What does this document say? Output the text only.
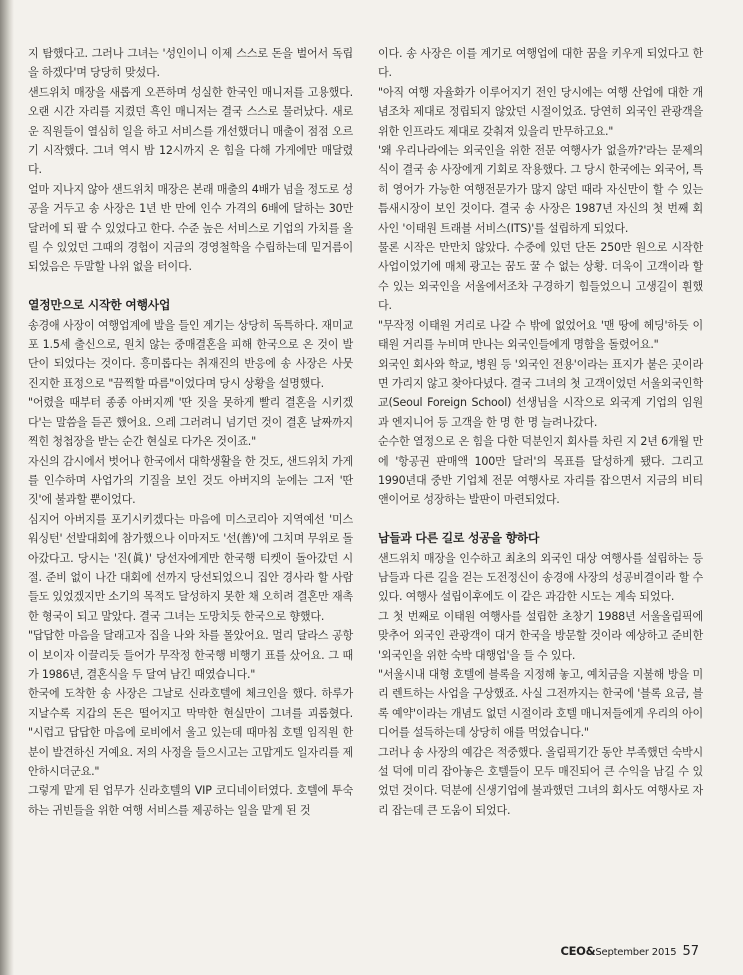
지 탐했다고. 그러나 그녀는 '성인이니 이제 스스로 돈을 벌어서 독립을 하겠다'며 당당히 맞섰다.

샌드위치 매장을 새롭게 오픈하며 성실한 한국인 매니저를 고용했다. 오랜 시간 자리를 지켰던 흑인 매니저는 결국 스스로 물러났다. 새로운 직원들이 열심히 일을 하고 서비스를 개선했더니 매출이 점점 오르기 시작했다. 그녀 역시 밤 12시까지 온 힘을 다해 가게에만 매달렸다.

얼마 지나지 않아 샌드위치 매장은 본래 매출의 4배가 넘을 정도로 성공을 거두고 송 사장은 1년 반 만에 인수 가격의 6배에 달하는 30만 달러에 되 팔 수 있었다고 한다. 수준 높은 서비스로 기업의 가치를 올릴 수 있었던 그때의 경험이 지금의 경영철학을 수립하는데 밑거름이 되었음은 두말할 나위 없을 터이다.

열정만으로 시작한 여행사업

송경애 사장이 여행업계에 발을 들인 계기는 상당히 독특하다. 재미교포 1.5세 출신으로, 원치 않는 중매결혼을 피해 한국으로 온 것이 발단이 되었다는 것이다. 흥미롭다는 취재진의 반응에 송 사장은 사뭇 진지한 표정으로 "끔찍할 따름"이었다며 당시 상황을 설명했다.

"어렸을 때부터 종종 아버지께 '딴 짓을 못하게 빨리 결혼을 시키겠다'는 말씀을 듣곤 했어요. 으레 그러려니 넘기던 것이 결혼 날짜까지 찍힌 청첩장을 받는 순간 현실로 다가온 것이죠."

자신의 감시에서 벗어나 한국에서 대학생활을 한 것도, 샌드위치 가게를 인수하며 사업가의 기질을 보인 것도 아버지의 눈에는 그저 '딴 짓'에 불과할 뿐이었다.

심지어 아버지를 포기시키겠다는 마음에 미스코리아 지역예선 '미스 워싱턴' 선발대회에 참가했으나 이마저도 '선(善)'에 그치며 무위로 돌아갔다고. 당시는 '진(眞)' 당선자에게만 한국행 티켓이 돌아갔던 시절. 준비 없이 나간 대회에 선까지 당선되었으니 집안 경사라 할 사람들도 있었겠지만 소기의 목적도 달성하지 못한 채 오히려 결혼만 재촉한 형국이 되고 말았다. 결국 그녀는 도망치듯 한국으로 향했다.

"답답한 마음을 달래고자 집을 나와 차를 몰았어요. 멀리 달라스 공항이 보이자 이끌리듯 들어가 무작정 한국행 비행기 표를 샀어요. 그 때가 1986년, 결혼식을 두 달여 남긴 때였습니다."

한국에 도착한 송 사장은 그날로 신라호텔에 체크인을 했다. 하루가 지날수록 지갑의 돈은 떨어지고 막막한 현실만이 그녀를 괴롭혔다. "시럽고 답답한 마음에 로비에서 울고 있는데 때마침 호텔 임직원 한 분이 발견하신 거예요. 저의 사정을 들으시고는 고맙게도 일자리를 제안하시더군요."

그렇게 맡게 된 업무가 신라호텔의 VIP 코디네이터였다. 호텔에 투숙하는 귀빈들을 위한 여행 서비스를 제공하는 일을 맡게 된 것

이다. 송 사장은 이를 계기로 여행업에 대한 꿈을 키우게 되었다고 한다.

"아직 여행 자율화가 이루어지기 전인 당시에는 여행 산업에 대한 개념조차 제대로 정립되지 않았던 시절이었죠. 당연히 외국인 관광객을 위한 인프라도 제대로 갖춰져 있을리 만무하고요."

'왜 우리나라에는 외국인을 위한 전문 여행사가 없을까?'라는 문제의식이 결국 송 사장에게 기회로 작용했다. 그 당시 한국에는 외국어, 특히 영어가 가능한 여행전문가가 많지 않던 때라 자신만이 할 수 있는 틈새시장이 보인 것이다. 결국 송 사장은 1987년 자신의 첫 번째 회사인 '이태원 트래블 서비스(ITS)'를 설립하게 되었다.

물론 시작은 만만치 않았다. 수중에 있던 단돈 250만 원으로 시작한 사업이었기에 매체 광고는 꿈도 꿀 수 없는 상황. 더욱이 고객이라 할 수 있는 외국인을 서울에서조차 구경하기 힘들었으니 고생길이 훤했다.

"무작정 이태원 거리로 나갈 수 밖에 없었어요 '맨 땅에 헤딩'하듯 이태원 거리를 누비며 만나는 외국인들에게 명함을 돌렸어요."

외국인 회사와 학교, 병원 등 '외국인 전용'이라는 표지가 붙은 곳이라면 가리지 않고 찾아다녔다. 결국 그녀의 첫 고객이었던 서울외국인학교(Seoul Foreign School) 선생님을 시작으로 외국계 기업의 임원과 엔지니어 등 고객을 한 명 한 명 늘려나갔다.

순수한 열정으로 온 힘을 다한 덕분인지 회사를 차린 지 2년 6개월 만에 '항공권 판매액 100만 달러'의 목표를 달성하게 됐다. 그리고 1990년대 중반 기업체 전문 여행사로 자리를 잡으면서 지금의 비티앤이어로 성장하는 발판이 마련되었다.

남들과 다른 길로 성공을 향하다

샌드위치 매장을 인수하고 최초의 외국인 대상 여행사를 설립하는 등 남들과 다른 길을 걷는 도전정신이 송경애 사장의 성공비결이라 할 수 있다. 여행사 설립이후에도 이 같은 과감한 시도는 계속 되었다.

그 첫 번째로 이태원 여행사를 설립한 초창기 1988년 서울올림픽에 맞추어 외국인 관광객이 대거 한국을 방문할 것이라 예상하고 준비한 '외국인을 위한 숙박 대행업'을 들 수 있다.

"서울시내 대형 호텔에 블록을 지정해 놓고, 예치금을 지불해 방을 미리 렌트하는 사업을 구상했죠. 사실 그전까지는 한국에 '블록 요금, 블록 예약'이라는 개념도 없던 시절이라 호텔 매니저들에게 우리의 아이디어를 설득하는데 상당히 애를 먹었습니다."

그러나 송 사장의 예감은 적중했다. 올림픽기간 동안 부족했던 숙박시설 덕에 미리 잡아놓은 호텔들이 모두 매진되어 큰 수익을 남길 수 있었던 것이다. 덕분에 신생기업에 불과했던 그녀의 회사도 여행사로 자리 잡는데 큰 도움이 되었다.

CEO&September 2015 57
